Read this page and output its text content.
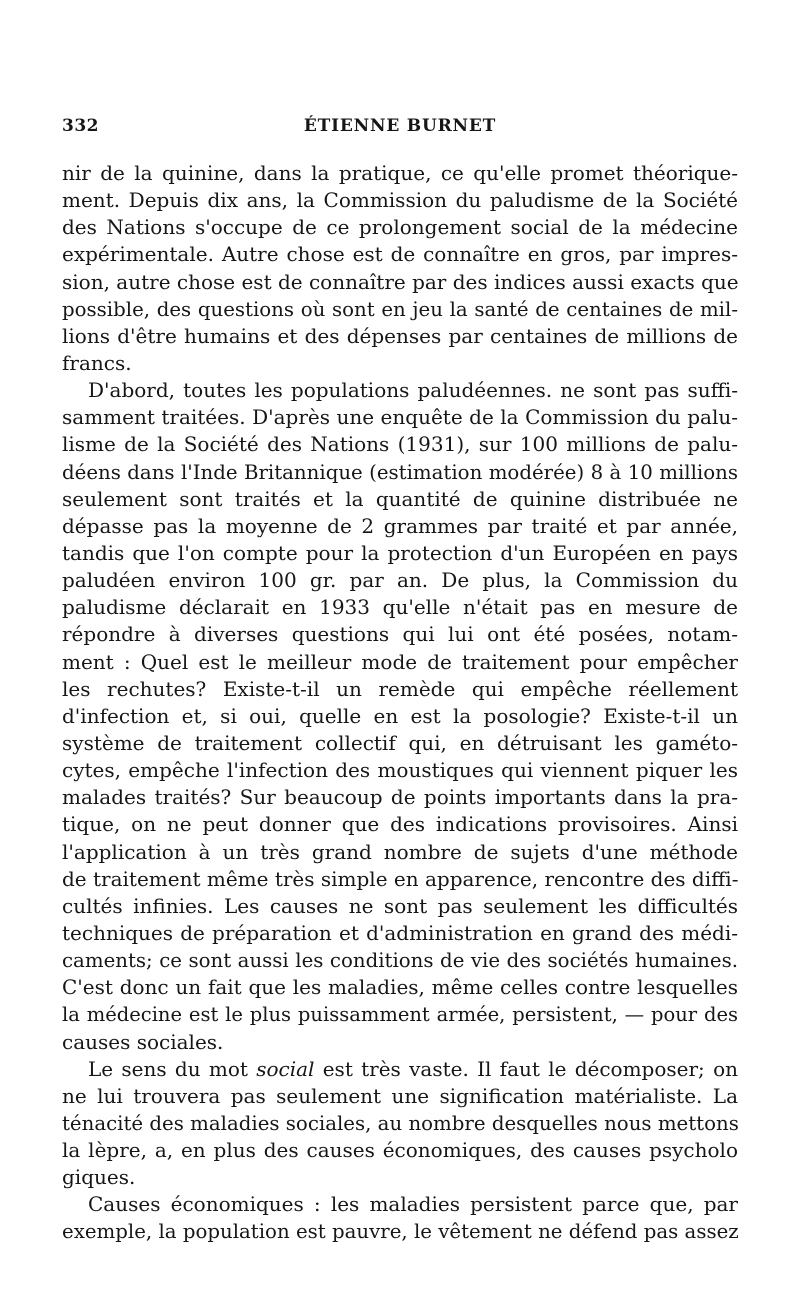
332	ÉTIENNE BURNET
nir de la quinine, dans la pratique, ce qu'elle promet théorique-
ment. Depuis dix ans, la Commission du paludisme de la Société
des Nations s'occupe de ce prolongement social de la médecine
expérimentale. Autre chose est de connaître en gros, par impres-
sion, autre chose est de connaître par des indices aussi exacts que
possible, des questions où sont en jeu la santé de centaines de mil-
lions d'être humains et des dépenses par centaines de millions de
francs.
D'abord, toutes les populations paludéennes. ne sont pas suffi-
samment traitées. D'après une enquête de la Commission du palu-
lisme de la Société des Nations (1931), sur 100 millions de palu-
déens dans l'Inde Britannique (estimation modérée) 8 à 10 millions
seulement sont traités et la quantité de quinine distribuée ne
dépasse pas la moyenne de 2 grammes par traité et par année,
tandis que l'on compte pour la protection d'un Européen en pays
paludéen environ 100 gr. par an. De plus, la Commission du
paludisme déclarait en 1933 qu'elle n'était pas en mesure de
répondre à diverses questions qui lui ont été posées, notam-
ment : Quel est le meilleur mode de traitement pour empêcher
les rechutes? Existe-t-il un remède qui empêche réellement
d'infection et, si oui, quelle en est la posologie? Existe-t-il un
système de traitement collectif qui, en détruisant les gaméto-
cytes, empêche l'infection des moustiques qui viennent piquer les
malades traités? Sur beaucoup de points importants dans la pra-
tique, on ne peut donner que des indications provisoires. Ainsi
l'application à un très grand nombre de sujets d'une méthode
de traitement même très simple en apparence, rencontre des diffi-
cultés infinies. Les causes ne sont pas seulement les difficultés
techniques de préparation et d'administration en grand des médi-
caments; ce sont aussi les conditions de vie des sociétés humaines.
C'est donc un fait que les maladies, même celles contre lesquelles
la médecine est le plus puissamment armée, persistent, — pour des
causes sociales.
Le sens du mot social est très vaste. Il faut le décomposer; on
ne lui trouvera pas seulement une signification matérialiste. La
ténacité des maladies sociales, au nombre desquelles nous mettons
la lèpre, a, en plus des causes économiques, des causes psycholo
giques.
Causes économiques : les maladies persistent parce que, par
exemple, la population est pauvre, le vêtement ne défend pas assez
